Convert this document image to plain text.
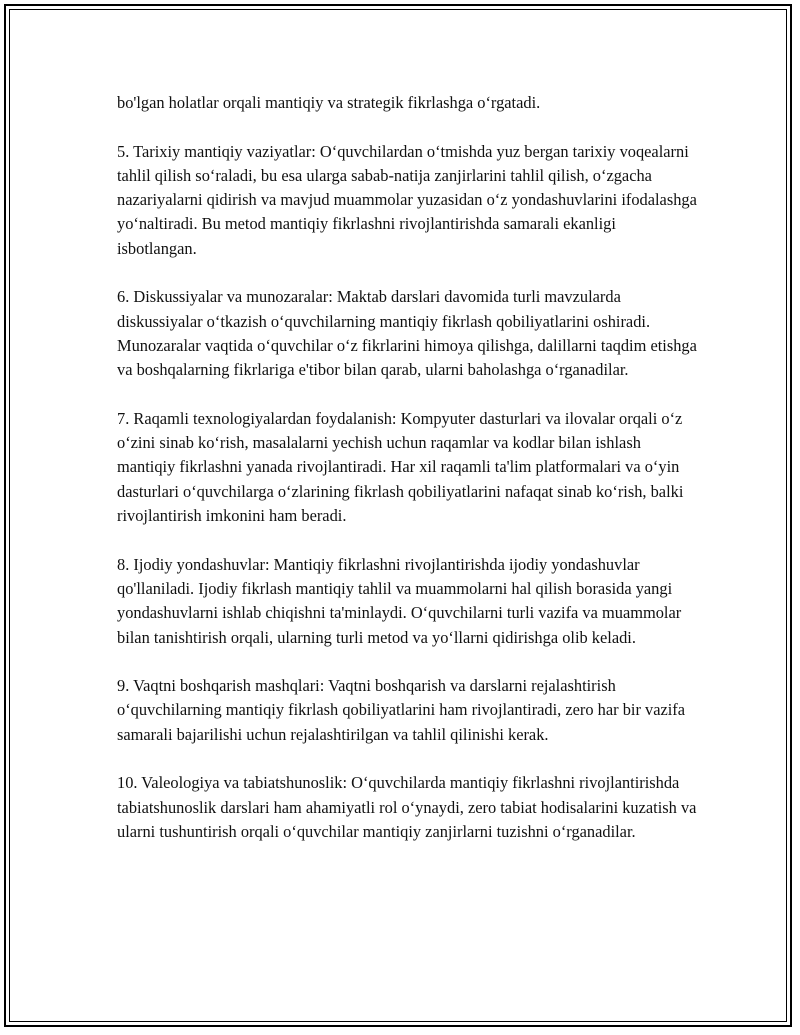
bo'lgan holatlar orqali mantiqiy va strategik fikrlashga o‘rgatadi.

5. Tarixiy mantiqiy vaziyatlar: O‘quvchilardan o‘tmishda yuz bergan tarixiy voqealarni tahlil qilish so‘raladi, bu esa ularga sabab-natija zanjirlarini tahlil qilish, o‘zgacha nazariyalarni qidirish va mavjud muammolar yuzasidan o‘z yondashuvlarini ifodalashga yo‘naltiradi. Bu metod mantiqiy fikrlashni rivojlantirishda samarali ekanligi isbotlangan.

6. Diskussiyalar va munozaralar: Maktab darslari davomida turli mavzularda diskussiyalar o‘tkazish o‘quvchilarning mantiqiy fikrlash qobiliyatlarini oshiradi. Munozaralar vaqtida o‘quvchilar o‘z fikrlarini himoya qilishga, dalillarni taqdim etishga va boshqalarning fikrlariga e'tibor bilan qarab, ularni baholashga o‘rganadilar.

7. Raqamli texnologiyalardan foydalanish: Kompyuter dasturlari va ilovalar orqali o‘z o‘zini sinab ko‘rish, masalalarni yechish uchun raqamlar va kodlar bilan ishlash mantiqiy fikrlashni yanada rivojlantiradi. Har xil raqamli ta'lim platformalari va o‘yin dasturlari o‘quvchilarga o‘zlarining fikrlash qobiliyatlarini nafaqat sinab ko‘rish, balki rivojlantirish imkonini ham beradi.

8. Ijodiy yondashuvlar: Mantiqiy fikrlashni rivojlantirishda ijodiy yondashuvlar qo'llaniladi. Ijodiy fikrlash mantiqiy tahlil va muammolarni hal qilish borasida yangi yondashuvlarni ishlab chiqishni ta'minlaydi. O‘quvchilarni turli vazifa va muammolar bilan tanishtirish orqali, ularning turli metod va yo‘llarni qidirishga olib keladi.

9. Vaqtni boshqarish mashqlari: Vaqtni boshqarish va darslarni rejalashtirish o‘quvchilarning mantiqiy fikrlash qobiliyatlarini ham rivojlantiradi, zero har bir vazifa samarali bajarilishi uchun rejalashtirilgan va tahlil qilinishi kerak.

10. Valeologiya va tabiatshunoslik: O‘quvchilarda mantiqiy fikrlashni rivojlantirishda tabiatshunoslik darslari ham ahamiyatli rol o‘ynaydi, zero tabiat hodisalarini kuzatish va ularni tushuntirish orqali o‘quvchilar mantiqiy zanjirlarni tuzishni o‘rganadilar.
